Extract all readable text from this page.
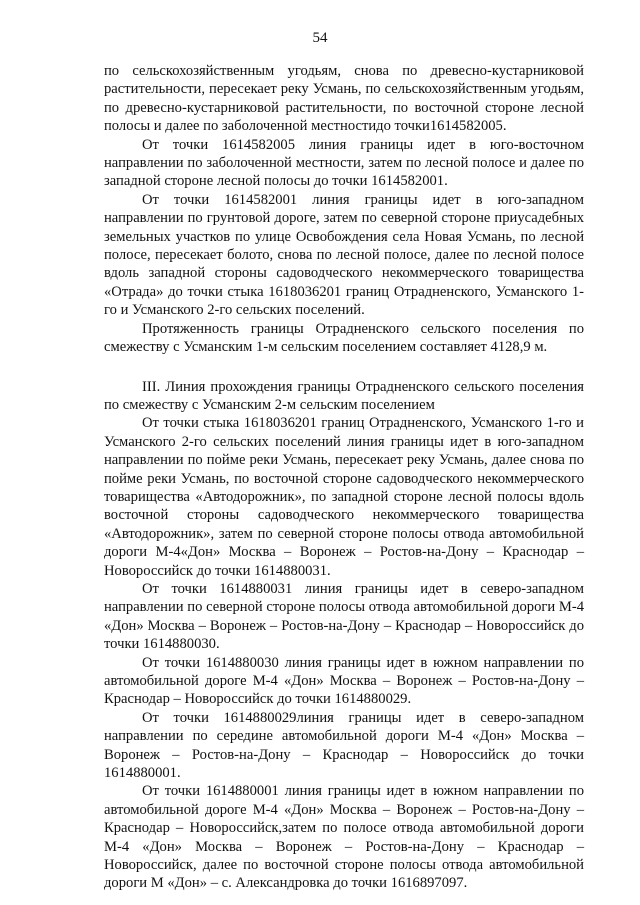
54

по сельскохозяйственным угодьям, снова по древесно-кустарниковой растительности, пересекает реку Усмань, по сельскохозяйственным угодьям, по древесно-кустарниковой растительности, по восточной стороне лесной полосы и далее по заболоченной местностидо точки1614582005.

От точки 1614582005 линия границы идет в юго-восточном направлении по заболоченной местности, затем по лесной полосе и далее по западной стороне лесной полосы до точки 1614582001.

От точки 1614582001 линия границы идет в юго-западном направлении по грунтовой дороге, затем по северной стороне приусадебных земельных участков по улице Освобождения села Новая Усмань, по лесной полосе, пересекает болото, снова по лесной полосе, далее по лесной полосе вдоль западной стороны садоводческого некоммерческого товарищества «Отрада» до точки стыка 1618036201 границ Отрадненского, Усманского 1-го и Усманского 2-го сельских поселений.

Протяженность границы Отрадненского сельского поселения по смежеству с Усманским 1-м сельским поселением составляет 4128,9 м.

III. Линия прохождения границы Отрадненского сельского поселения по смежеству с Усманским 2-м сельским поселением

От точки стыка 1618036201 границ Отрадненского, Усманского 1-го и Усманского 2-го сельских поселений линия границы идет в юго-западном направлении по пойме реки Усмань, пересекает реку Усмань, далее снова по пойме реки Усмань, по восточной стороне садоводческого некоммерческого товарищества «Автодорожник», по западной стороне лесной полосы вдоль восточной стороны садоводческого некоммерческого товарищества «Автодорожник», затем по северной стороне полосы отвода автомобильной дороги М-4«Дон» Москва – Воронеж – Ростов-на-Дону – Краснодар – Новороссийск до точки 1614880031.

От точки 1614880031 линия границы идет в северо-западном направлении по северной стороне полосы отвода автомобильной дороги М-4 «Дон» Москва – Воронеж – Ростов-на-Дону – Краснодар – Новороссийск до точки 1614880030.

От точки 1614880030 линия границы идет в южном направлении по автомобильной дороге М-4 «Дон» Москва – Воронеж – Ростов-на-Дону – Краснодар – Новороссийск до точки 1614880029.

От точки 1614880029линия границы идет в северо-западном направлении по середине автомобильной дороги М-4 «Дон» Москва – Воронеж – Ростов-на-Дону – Краснодар – Новороссийск до точки 1614880001.

От точки 1614880001 линия границы идет в южном направлении по автомобильной дороге М-4 «Дон» Москва – Воронеж – Ростов-на-Дону – Краснодар – Новороссийск,затем по полосе отвода автомобильной дороги М-4 «Дон» Москва – Воронеж – Ростов-на-Дону – Краснодар – Новороссийск, далее по восточной стороне полосы отвода автомобильной дороги М «Дон» – с. Александровка до точки 1616897097.
